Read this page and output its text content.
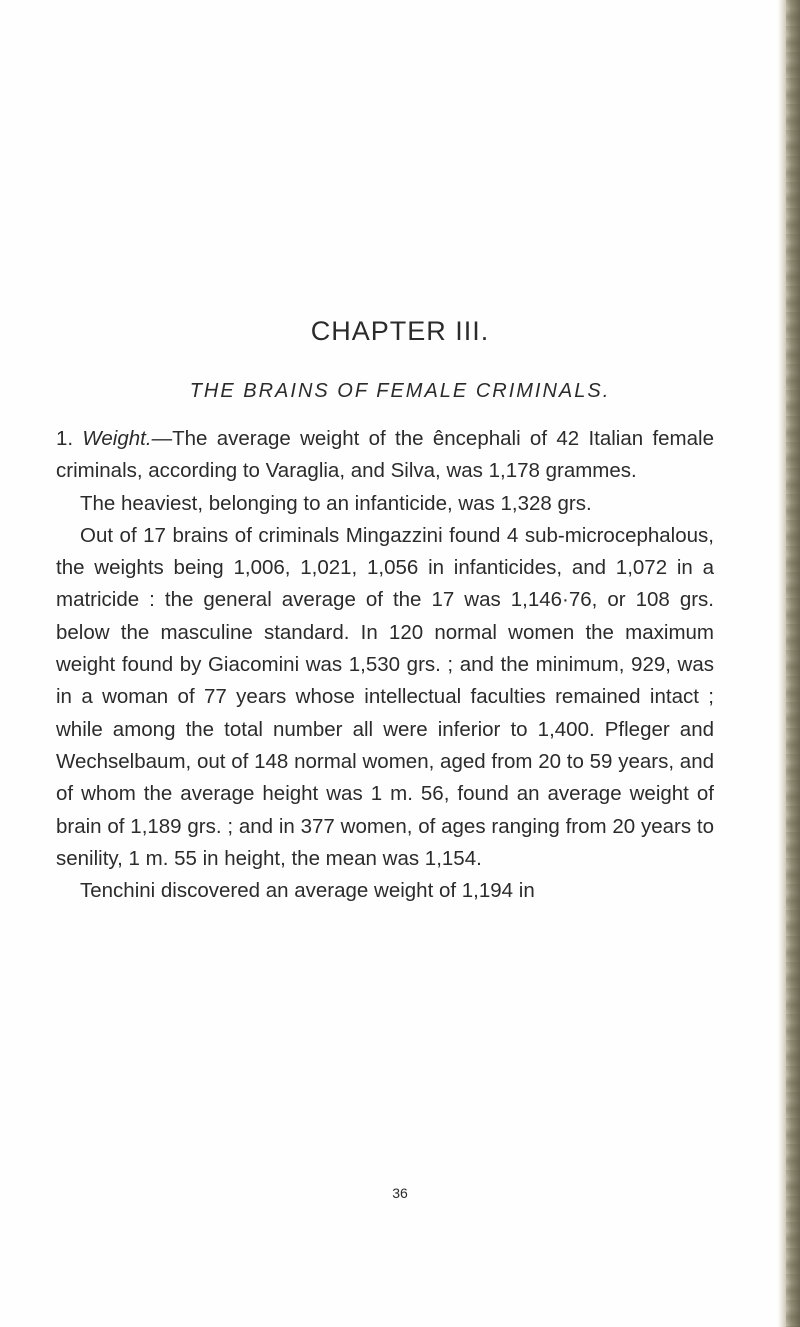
CHAPTER III.
THE BRAINS OF FEMALE CRIMINALS.

1. Weight.—The average weight of the êncephali of 42 Italian female criminals, according to Varaglia, and Silva, was 1,178 grammes.

The heaviest, belonging to an infanticide, was 1,328 grs.

Out of 17 brains of criminals Mingazzini found 4 sub-microcephalous, the weights being 1,006, 1,021, 1,056 in infanticides, and 1,072 in a matricide : the general average of the 17 was 1,146·76, or 108 grs. below the masculine standard. In 120 normal women the maximum weight found by Giacomini was 1,530 grs. ; and the minimum, 929, was in a woman of 77 years whose intellectual faculties remained intact ; while among the total number all were inferior to 1,400. Pfleger and Wechselbaum, out of 148 normal women, aged from 20 to 59 years, and of whom the average height was 1 m. 56, found an average weight of brain of 1,189 grs. ; and in 377 women, of ages ranging from 20 years to senility, 1 m. 55 in height, the mean was 1,154.

Tenchini discovered an average weight of 1,194 in

36
